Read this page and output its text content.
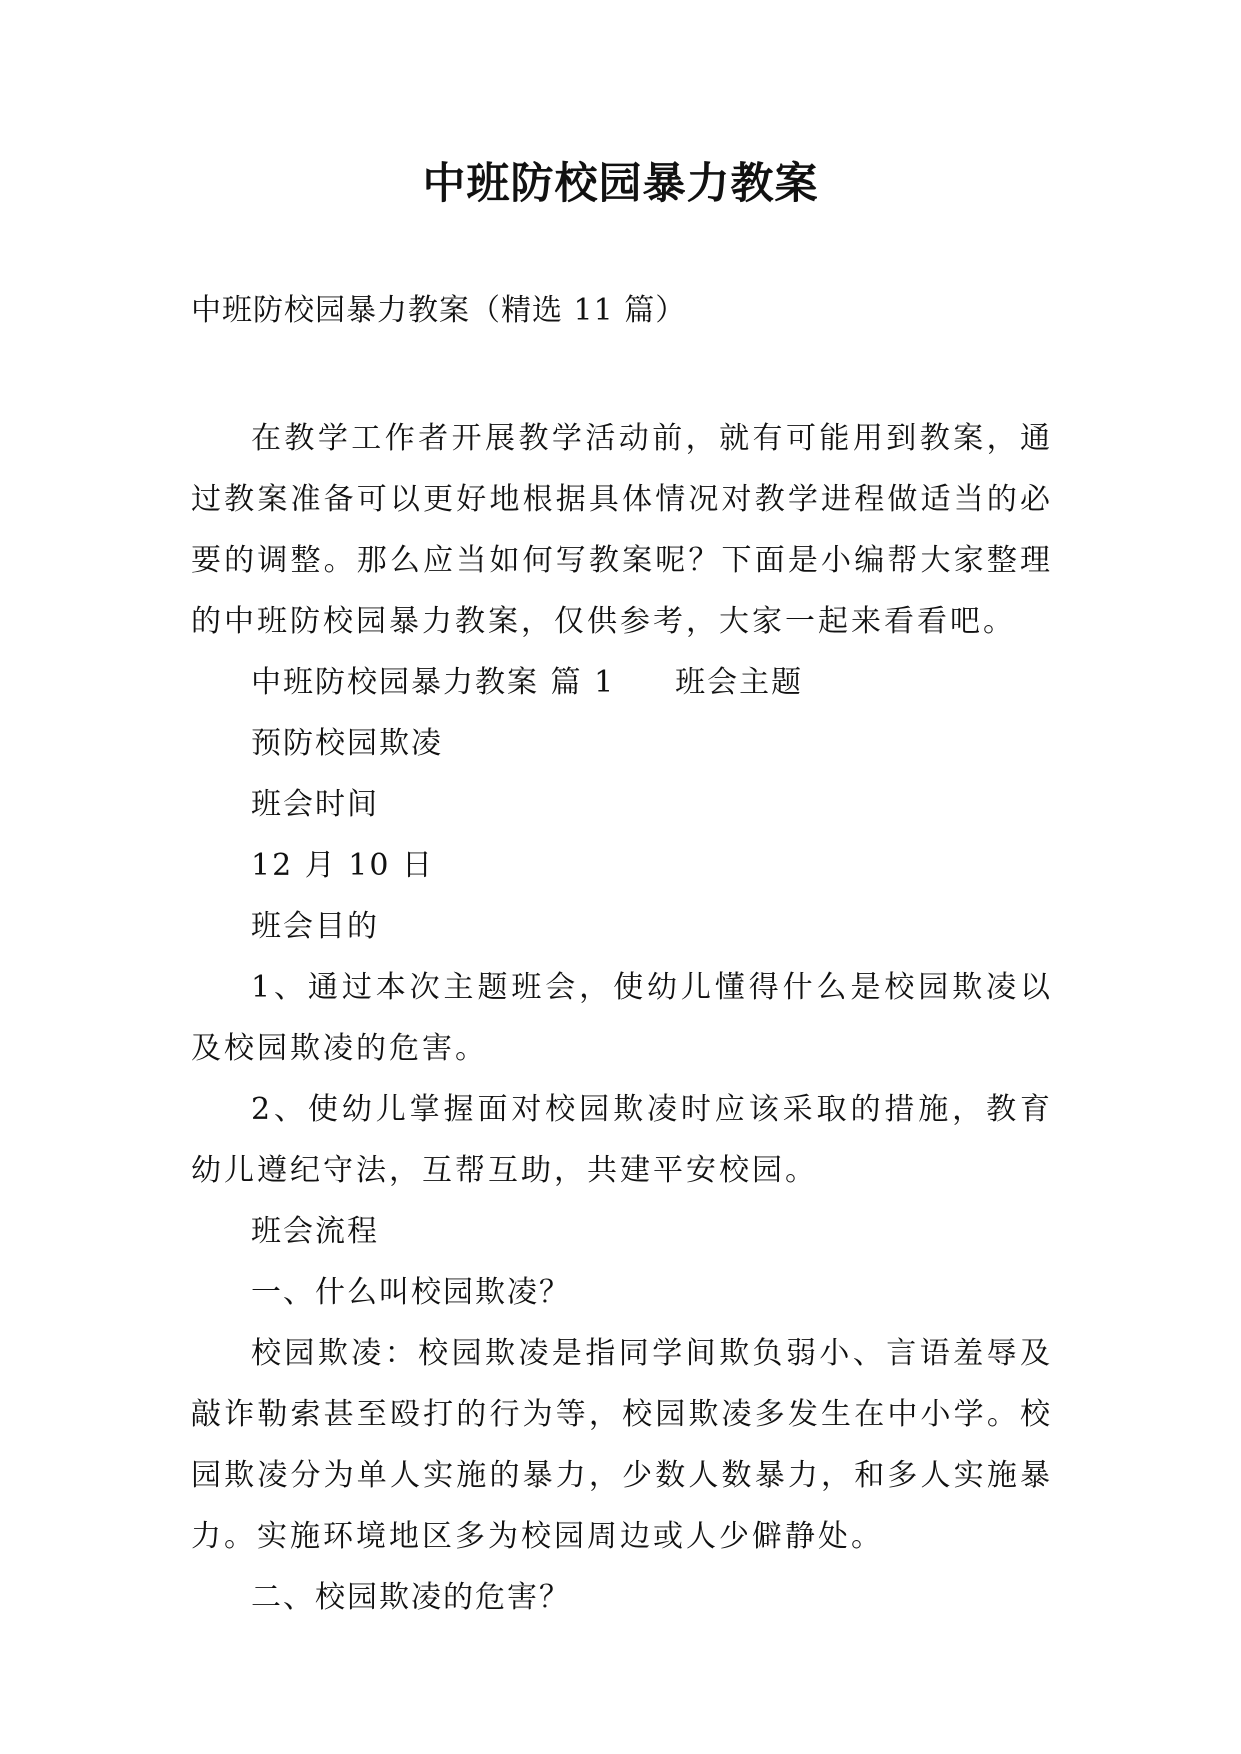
中班防校园暴力教案
中班防校园暴力教案（精选 11 篇）

在教学工作者开展教学活动前，就有可能用到教案，通过教案准备可以更好地根据具体情况对教学进程做适当的必要的调整。那么应当如何写教案呢？下面是小编帮大家整理的中班防校园暴力教案，仅供参考，大家一起来看看吧。

中班防校园暴力教案 篇 1 班会主题

预防校园欺凌

班会时间

12 月 10 日

班会目的

1、通过本次主题班会，使幼儿懂得什么是校园欺凌以及校园欺凌的危害。

2、使幼儿掌握面对校园欺凌时应该采取的措施，教育幼儿遵纪守法，互帮互助，共建平安校园。

班会流程

一、什么叫校园欺凌？

校园欺凌：校园欺凌是指同学间欺负弱小、言语羞辱及敲诈勒索甚至殴打的行为等，校园欺凌多发生在中小学。校园欺凌分为单人实施的暴力，少数人数暴力，和多人实施暴力。实施环境地区多为校园周边或人少僻静处。

二、校园欺凌的危害？
